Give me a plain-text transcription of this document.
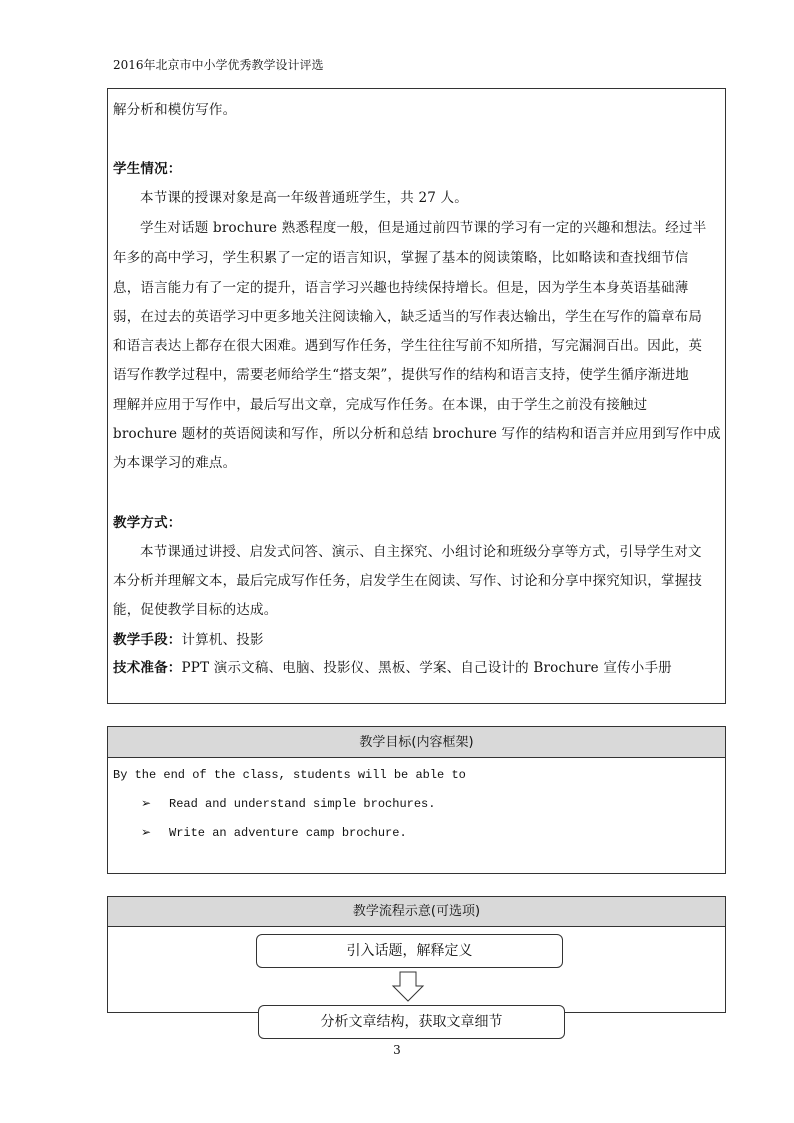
2016年北京市中小学优秀教学设计评选
解分析和模仿写作。
学生情况：
本节课的授课对象是高一年级普通班学生，共 27 人。
学生对话题 brochure 熟悉程度一般，但是通过前四节课的学习有一定的兴趣和想法。经过半
年多的高中学习，学生积累了一定的语言知识，掌握了基本的阅读策略，比如略读和查找细节信
息，语言能力有了一定的提升，语言学习兴趣也持续保持增长。但是，因为学生本身英语基础薄
弱，在过去的英语学习中更多地关注阅读输入，缺乏适当的写作表达输出，学生在写作的篇章布局
和语言表达上都存在很大困难。遇到写作任务，学生往往写前不知所措，写完漏洞百出。因此，英
语写作教学过程中，需要老师给学生“搭支架”，提供写作的结构和语言支持，使学生循序渐进地
理解并应用于写作中，最后写出文章，完成写作任务。在本课，由于学生之前没有接触过
brochure 题材的英语阅读和写作，所以分析和总结 brochure 写作的结构和语言并应用到写作中成
为本课学习的难点。
教学方式：
本节课通过讲授、启发式问答、演示、自主探究、小组讨论和班级分享等方式，引导学生对文
本分析并理解文本，最后完成写作任务，启发学生在阅读、写作、讨论和分享中探究知识，掌握技
能，促使教学目标的达成。
教学手段：计算机、投影
技术准备：PPT 演示文稿、电脑、投影仪、黑板、学案、自己设计的 Brochure 宣传小手册
教学目标(内容框架)
By the end of the class, students will be able to
➢ Read and understand simple brochures.
➢ Write an adventure camp brochure.
教学流程示意(可选项)
引入话题，解释定义
分析文章结构，获取文章细节
3
